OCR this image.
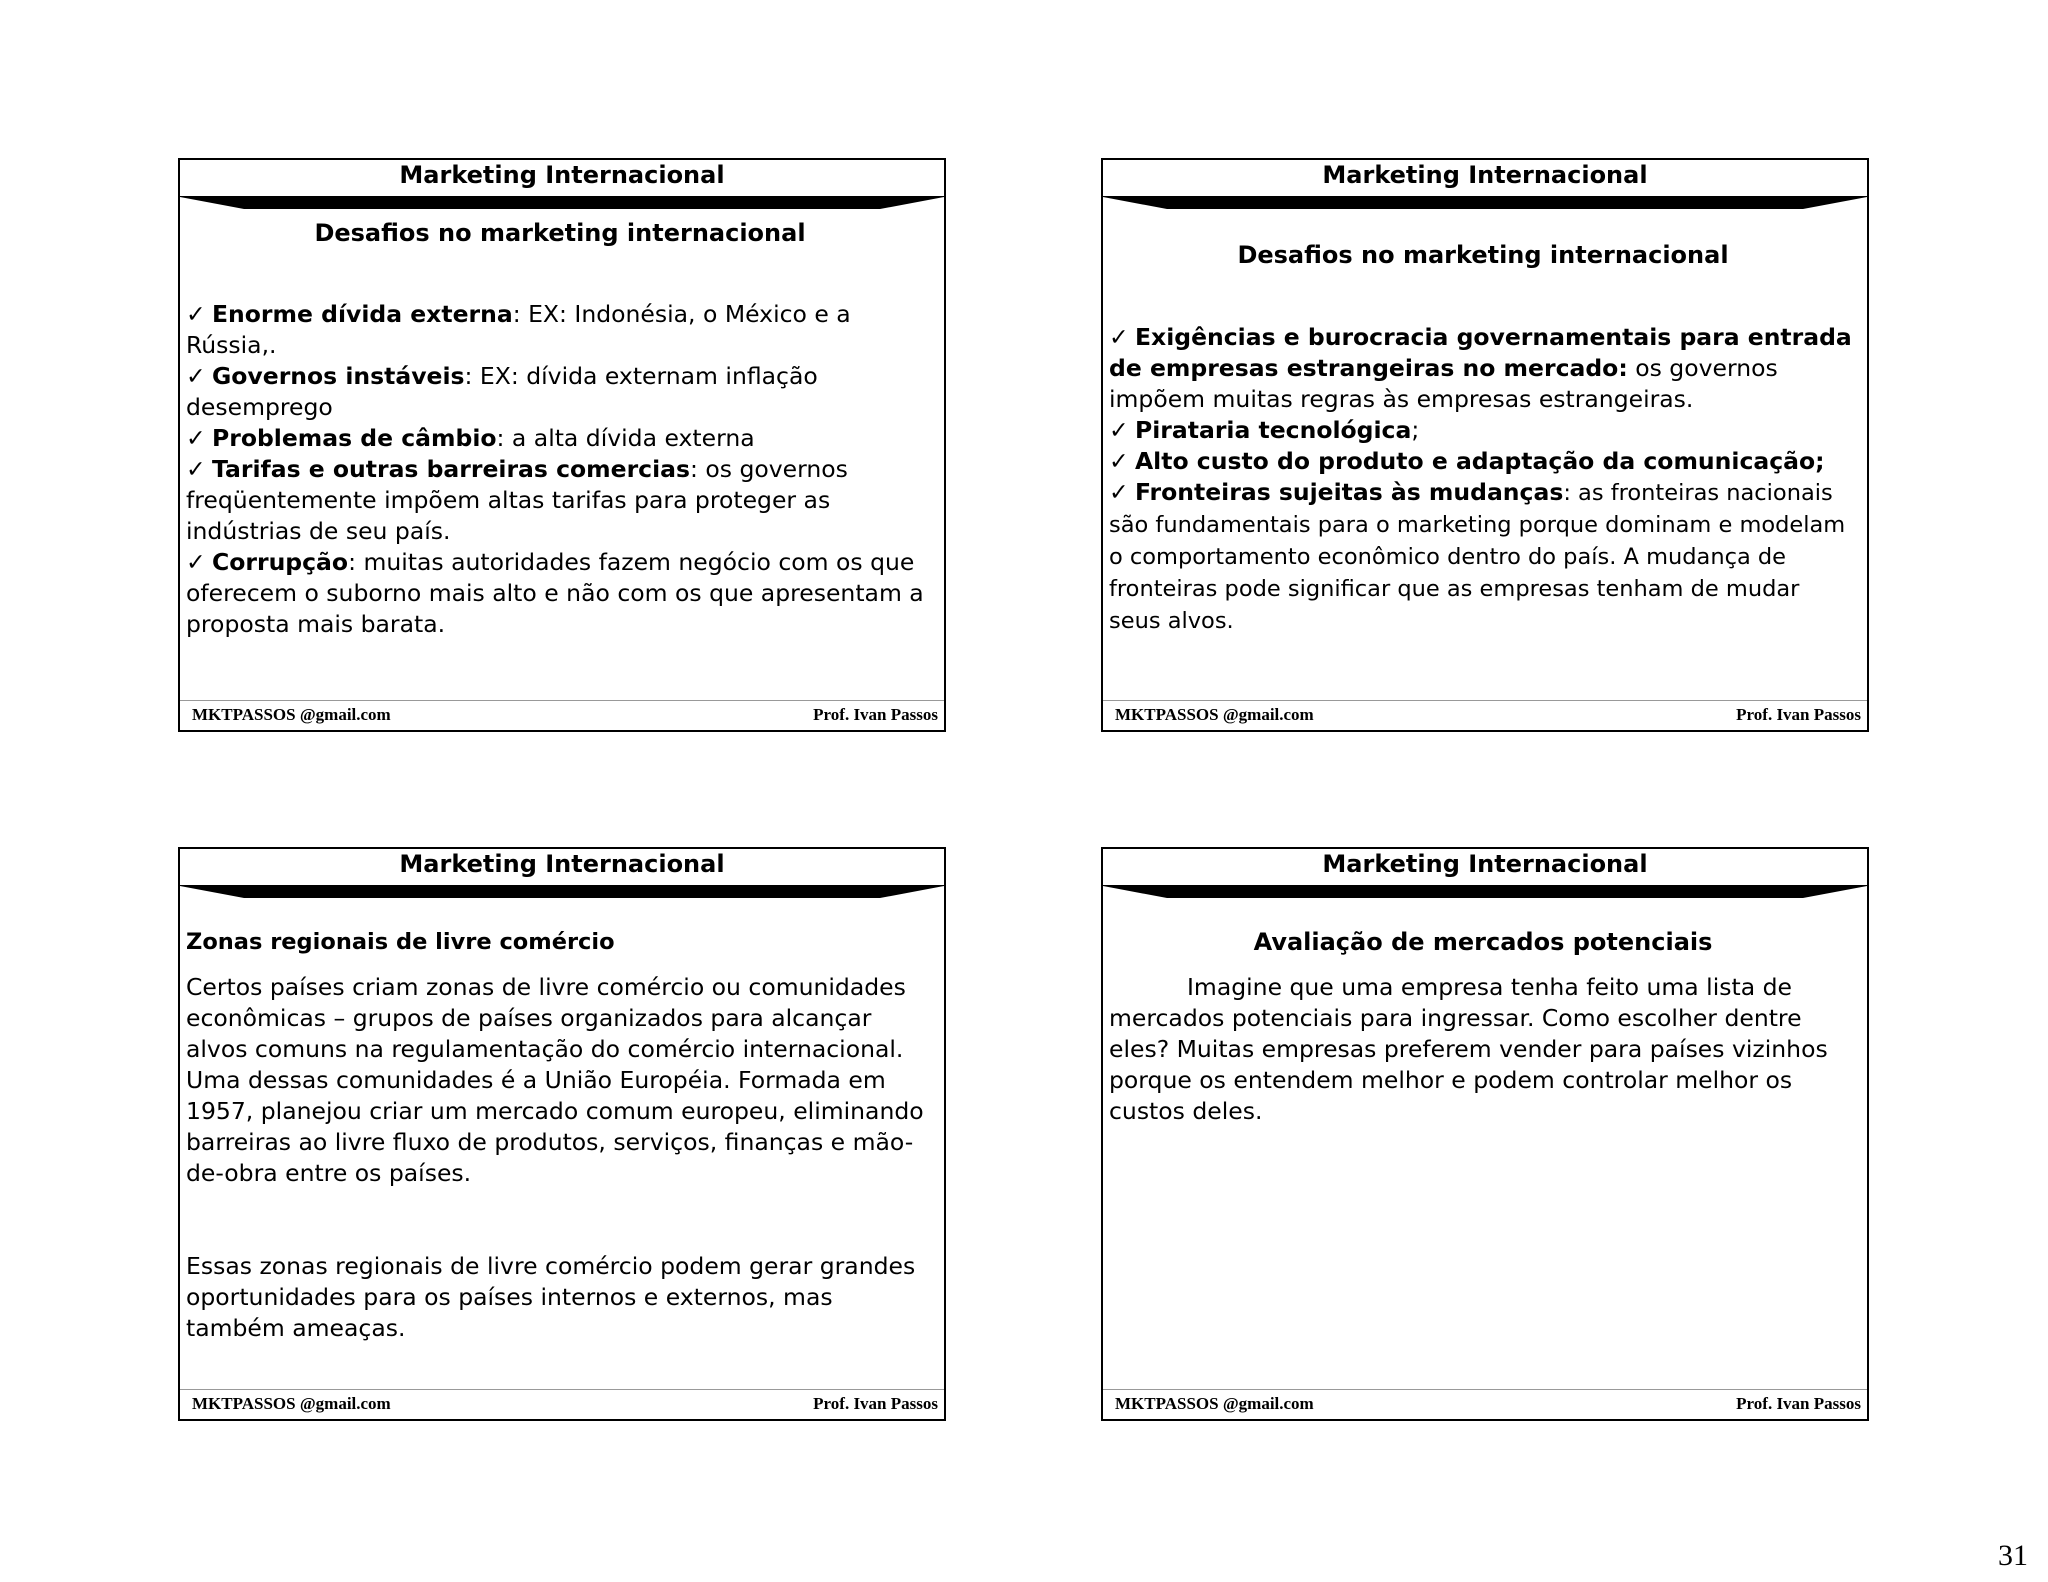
Marketing Internacional

Desafios no marketing internacional

✓ Enorme dívida externa: EX: Indonésia, o México e a Rússia,.

✓ Governos instáveis: EX: dívida externam inflação desemprego

✓ Problemas de câmbio: a alta dívida externa

✓ Tarifas e outras barreiras comercias: os governos freqüentemente impõem altas tarifas para proteger as indústrias de seu país.

✓ Corrupção: muitas autoridades fazem negócio com os que oferecem o suborno mais alto e não com os que apresentam a proposta mais barata.

MKTPASSOS @gmail.com	Prof. Ivan Passos
Marketing Internacional

Desafios no marketing internacional

✓ Exigências e burocracia governamentais para entrada de empresas estrangeiras no mercado: os governos impõem muitas regras às empresas estrangeiras.

✓ Pirataria tecnológica;

✓ Alto custo do produto e adaptação da comunicação;

✓ Fronteiras sujeitas às mudanças: as fronteiras nacionais são fundamentais para o marketing porque dominam e modelam o comportamento econômico dentro do país. A mudança de fronteiras pode significar que as empresas tenham de mudar seus alvos.

MKTPASSOS @gmail.com	Prof. Ivan Passos
Marketing Internacional

Zonas regionais de livre comércio

Certos países criam zonas de livre comércio ou comunidades econômicas – grupos de países organizados para alcançar alvos comuns na regulamentação do comércio internacional. Uma dessas comunidades é a União Européia. Formada em 1957, planejou criar um mercado comum europeu, eliminando barreiras ao livre fluxo de produtos, serviços, finanças e mão-de-obra entre os países.

Essas zonas regionais de livre comércio podem gerar grandes oportunidades para os países internos e externos, mas também ameaças.

MKTPASSOS @gmail.com	Prof. Ivan Passos
Marketing Internacional

Avaliação de mercados potenciais

Imagine que uma empresa tenha feito uma lista de mercados potenciais para ingressar. Como escolher dentre eles? Muitas empresas preferem vender para países vizinhos porque os entendem melhor e podem controlar melhor os custos deles.

MKTPASSOS @gmail.com	Prof. Ivan Passos
31
